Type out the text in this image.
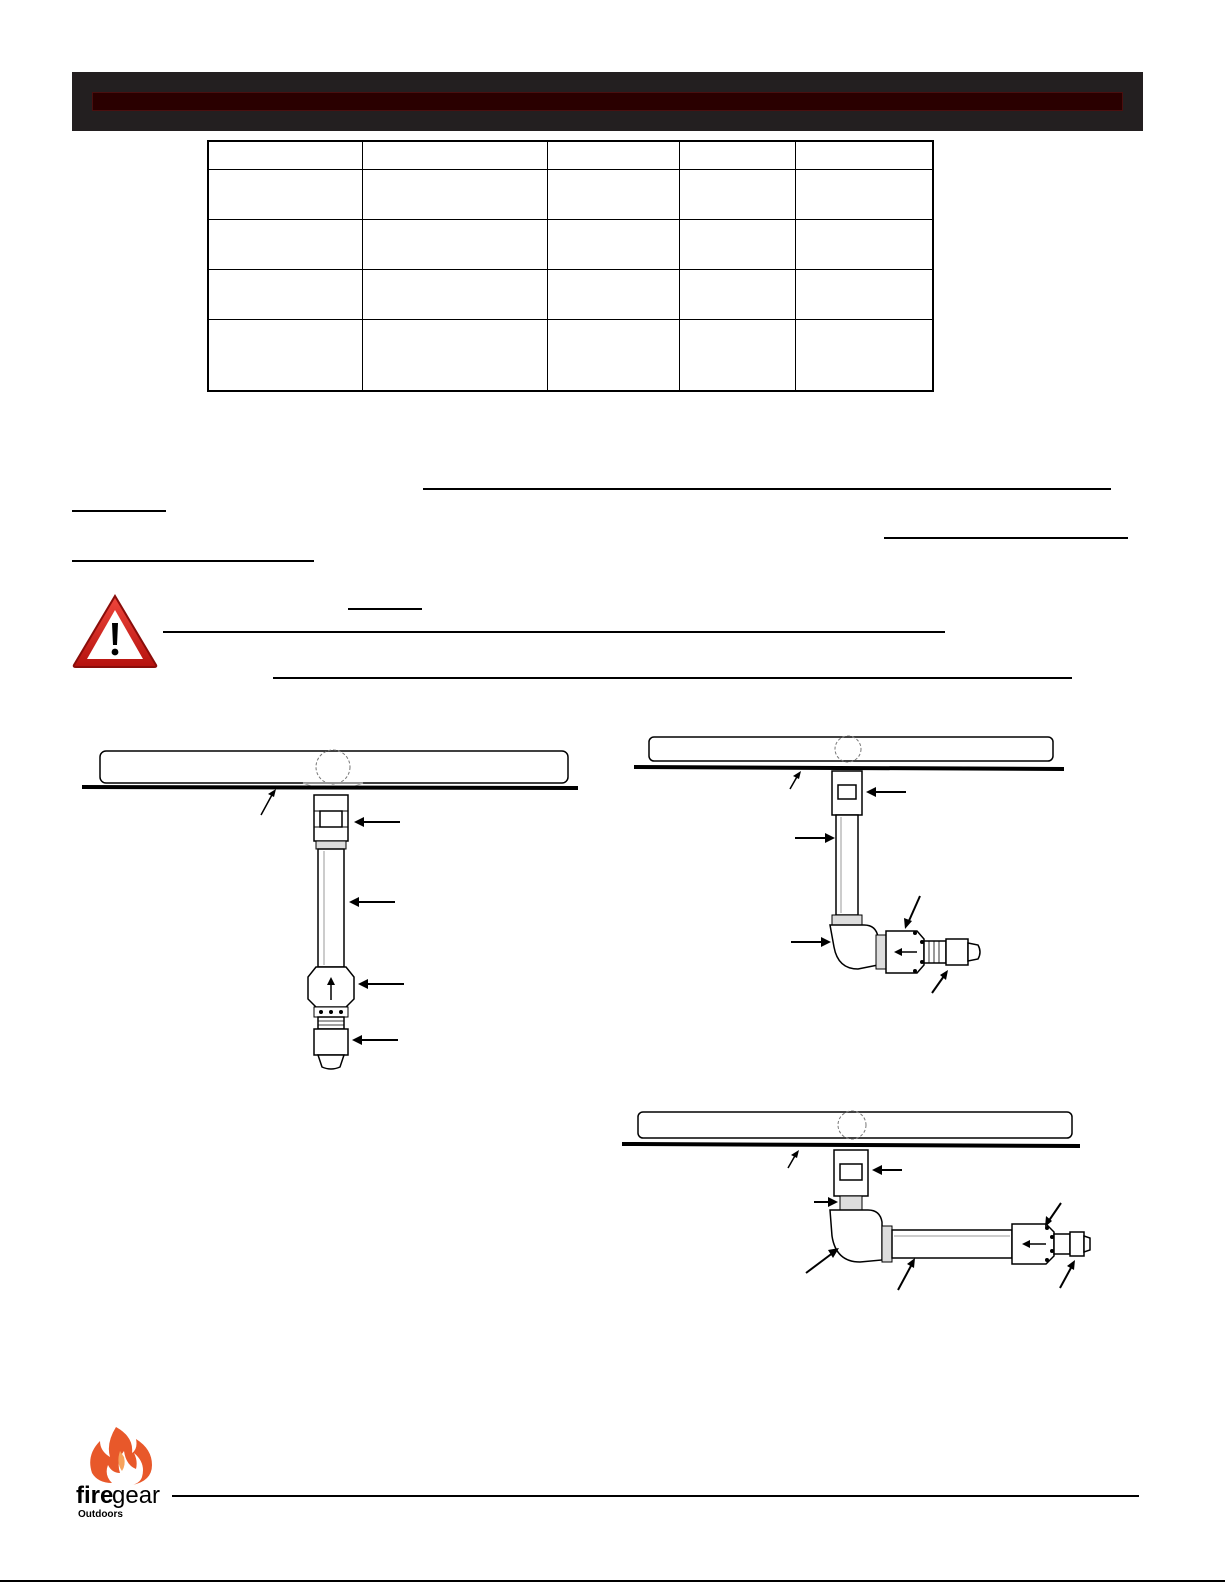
fire
gear
Outdoors
